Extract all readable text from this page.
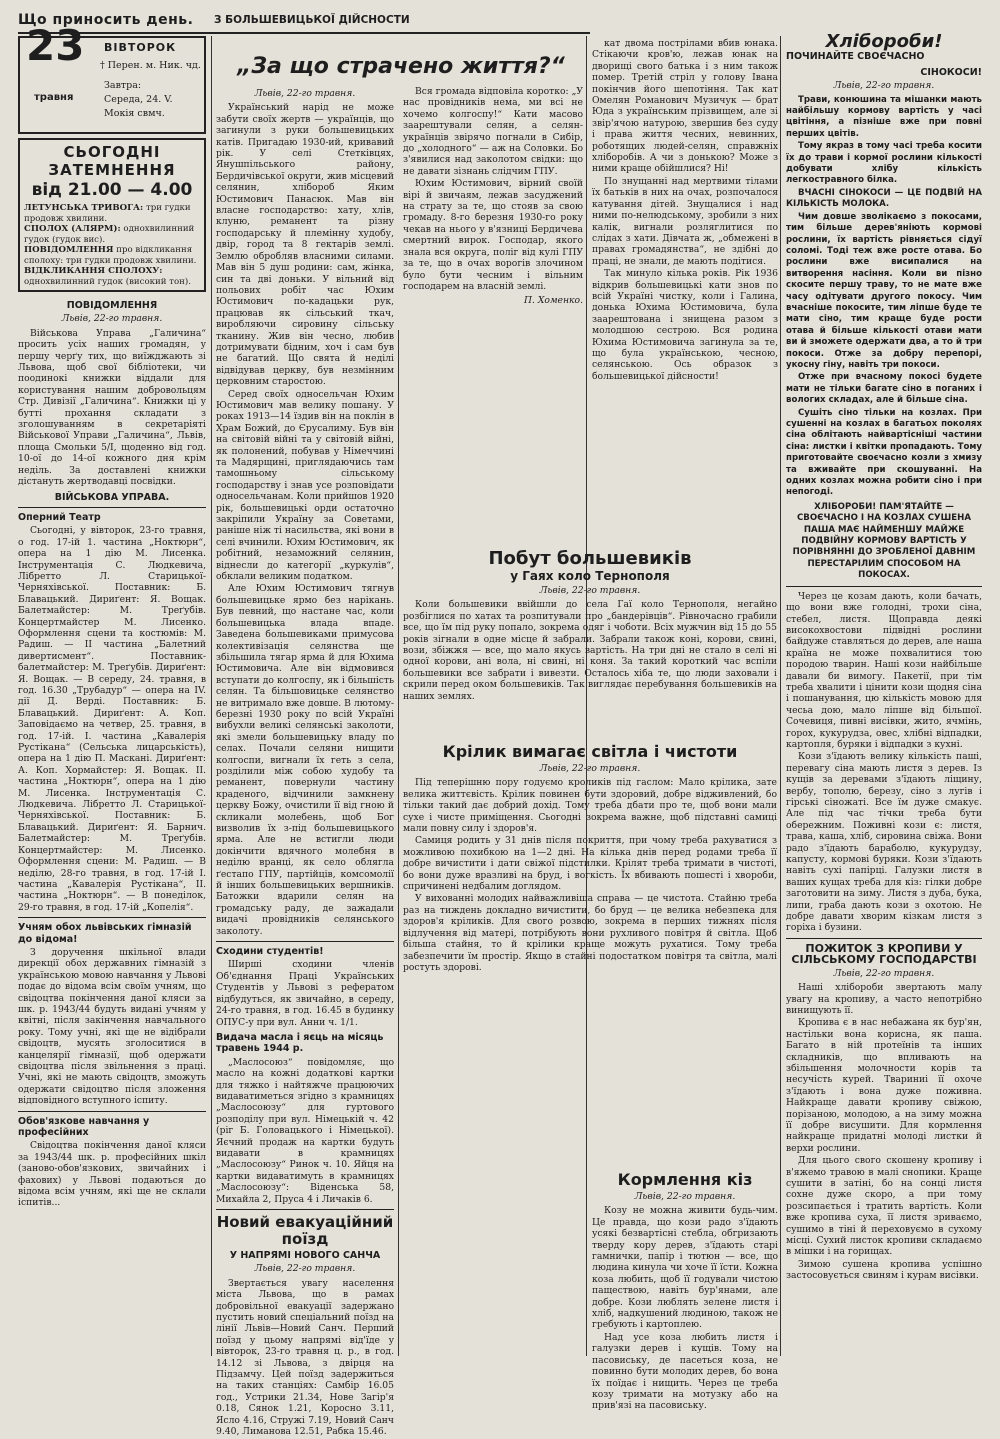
Що приносить день. З БОЛЬШЕВИЦЬКОЇ ДІЙСНОСТИ
23
травня
ВІВТОРОК
† Перен. м. Ник. чд.
Завтра:
Середа, 24. V.
Мокія свмч.
СЬОГОДНІ ЗАТЕМНЕННЯ
від 21.00 — 4.00
ЛЕТУНСЬКА ТРИВОГА: три гудки продовж хвилини.
СПОЛОХ (АЛЯРМ): однохвилинний гудок (гудок вис).
ПОВІДОМЛЕННЯ про відкликання сполоху: три гудки продовж хвилини.
ВІДКЛИКАННЯ СПОЛОХУ: однохвилинний гудок (високий тон).
ПОВІДОМЛЕННЯ
Львів, 22-го травня.

Військова Управа „Галичина“ просить усіх наших громадян, у першу черґу тих, що виїжджають зі Львова, щоб свої бібліотеки, чи поодинокі книжки віддали для користування нашим добровольцям Стр. Дивізії „Галичина“. Книжки ці у бутті прохання складати з зголошуванням в секретаріяті Військової Управи „Галичина“, Львів, площа Смольки 5/І, щоденно від год. 10-ої до 14-ої кожного дня крім неділь. За доставлені книжки дістануть жертводавці посвідки.

ВІЙСЬКОВА УПРАВА.
Оперний Театр

Сьогодні, у вівторок, 23-го травня, о год. 17-ій 1. частина „Ноктюрн“, опера на 1 дію М. Лисенка. Інструментація С. Людкевича, Лібретто Л. Старицької-Черняхівської. Поставник: Б. Блавацький. Дириґент: Я. Вощак. Балетмайстер: М. Треґубів. Концертмайстер М. Лисенко. Оформлення сцени та костюмів: М. Радиш. — II частина „Балетний дивертисмент“. Поставник-балетмайстер: М. Треґубів. Дириґент: Я. Вощак. — В середу, 24. травня, в год. 16.30 „Трубадур“ — опера на IV. дії Д. Верді. Поставник: Б. Блавацький. Дириґент: А. Коп. Заповідаємо на четвер, 25. травня, в год. 17-ій. I. частина „Кавалерія Рустікана“ (Сельська лицарськість), опера на 1 дію П. Маскані. Дириґент: А. Коп. Хормайстер: Я. Вощак. II. частина „Ноктюрн“, опера на 1 дію М. Лисенка. Інструментація С. Людкевича. Лібретто Л. Старицької-Черняхівської. Поставник: Б. Блавацький. Дириґент: Я. Барнич. Балетмайстер: М. Треґубів. Концертмайстер: М. Лисенко. Оформлення сцени: М. Радиш. — В неділю, 28-го травня, в год. 17-ій I. частина „Кавалерія Рустікана“, II. частина „Ноктюрн“. — В понеділок, 29-го травня, в год. 17-ій „Копелія“.

Учням обох львівських гімназій до відома!

З доручення шкільної влади дирекції обох державних гімназій з українською мовою навчання у Львові подає до відома всім своїм учням, що свідоцтва покінчення даної кляси за шк. р. 1943/44 будуть видані учням у квітні, після закінчення навчального року. Тому учні, які ще не відібрали свідоцтв, мусять зголоситися в канцелярії гімназії, щоб одержати свідоцтва після звільнення з праці. Учні, які не мають свідоцтв, зможуть одержати свідоцтво після зложення відповідного вступного іспиту.

Обов'язкове навчання у професійних

Свідоцтва покінчення даної кляси за 1943/44 шк. р. професійних шкіл (заново-обов'язкових, звичайних і фахових) у Львові подаються до відома всім учням, які ще не склали іспитів...

„За що страчено життя?“
Львів, 22-го травня.

Український нарід не може забути своїх жертв — українців, що загинули з руки большевицьких катів. Пригадаю 1930-ий, кривавий рік. У селі Стетківцях, Янушпільського району, Бердичівської округи, жив місцевий селянин, хлібороб Яким Юстимович Панасюк. Мав він власне господарство: хату, хлів, клуню, реманент та різну господарську й племінну худобу, двір, город та 8 гектарів землі. Землю обробляв власними силами. Мав він 5 душ родини: сам, жінка, син та дві доньки. У вільний від польових робіт час Юхим Юстимович по-кадацьки рук, працював як сільський ткач, виробляючи сировину сільську тканину. Жив він чесно, любив дотримувати бідним, хоч і сам був не багатий. Що свята й неділі відвідував церкву, був незмінним церковним старостою.

Серед своїх односельчан Юхим Юстимович мав велику пошану. У роках 1913—14 їздив він на поклін в Храм Божий, до Єрусалиму. Був він на світовій війні та у світовій війні, як полонений, побував у Німеччині та Мадярщині, приглядаючись там тамошньому сільському господарству і знав усе розповідати односельчанам. Коли прийшов 1920 рік, большевицькі орди остаточно закріпили Україну за Советами, раніше ніж ті насильства, які вони в селі вчинили. Юхим Юстимович, як робітний, незаможний селянин, віднесли до категорії „куркулів“, обклали великим податком.

Але Юхим Юстимович тягнув большевицьке ярмо без нарікань. Був певний, що настане час, коли большевицька влада впаде. Заведена большевиками примусова колективізація селянства ще збільшила тягар ярма й для Юхима Юстимовича. Але він відмовився вступати до колгоспу, як і більшість селян. Та більшовицьке селянство не витримало вже довше. В лютому-березні 1930 року по всій Україні вибухли великі селянські заколоти, які змели большевицьку владу по селах. Почали селяни нищити колгоспи, вигнали їх геть з села, розділили між собою худобу та реманент, повернули частину краденого, відчинили замкнену церкву Божу, очистили її від гною й скликали молебень, щоб Бог визволив їх з-під большевицького ярма. Але не встигли люди докінчити вдячного молебня в неділю вранці, як село облягла ґестапо ГПУ, партійців, комсомолії й інших большевицьких вершників. Батожки вдарили селян на громадську раду, де зажадали видачі провідників селянського заколоту.

Сходини студентів!

Ширші сходини членів Об'єднання Праці Українських Студентів у Львові з рефератом відбудуться, як звичайно, в середу, 24-го травня, в год. 16.45 в будинку ОПУС-у при вул. Анни ч. 1/1.

Видача масла і яєць на місяць травень 1944 р.

„Маслосоюз“ повідомляє, що масло на кожні додаткові картки для тяжко і найтяжче працюючих видаватиметься згідно з крамницях „Маслосоюзу“ для гуртового розподілу при вул. Німецькій ч. 42 (ріг Б. Головацького і Німецької). Яєчний продаж на картки будуть видавати в крамницях „Маслосоюзу“ Ринок ч. 10. Яйця на картки видаватимуть в крамницях „Маслосоюзу“: Віденська 58, Михайла 2, Пруса 4 і Личаків 6.

Новий евакуаційний поїзд
У НАПРЯМІ НОВОГО САНЧА
Львів, 22-го травня.

Звертається увагу населення міста Львова, що в рамах добровільної евакуації задержано пустить новий спеціальний поїзд на лінії Львів—Новий Санч. Перший поїзд у цьому напрямі від'їде у вівторок, 23-го травня ц. р., в год. 14.12 зі Львова, з двірця на Підзамчу. Цей поїзд задержиться на таких станціях: Самбір 16.05 год., Устрики 21.34, Нове Загір'я 0.18, Сянок 1.21, Коросно 3.11, Ясло 4.16, Стружі 7.19, Новий Санч 9.40, Лиманова 12.51, Рабка 15.46.

Вся громада відповіла коротко: „У нас провідників нема, ми всі не хочемо колгоспу!“ Кати масово заарештували селян, а селян-українців звірячо погнали в Сибір, до „холодного“ — аж на Соловки. Бо з'явилися над заколотом свідки: що не давати зізнань слідчим ГПУ.

Юхим Юстимович, вірний своїй вірі й звичаям, лежав засуджений на страту за те, що стояв за свою громаду. 8-го березня 1930-го року чекав на нього у в'язниці Бердичева смертний вирок. Господар, якого знала вся округа, поліг від кулі ГПУ за те, що в очах ворогів злочином було бути чесним і вільним господарем на власній землі.

П. Хоменко.

кат двома пострілами вбив юнака. Стікаючи кров'ю, лежав юнак на дворищі свого батька і з ним також помер. Третій стріл у голову Івана покінчив його шепотіння. Так кат Омелян Романович Музичук — брат Юда з українським прізвищем, але зі звір'ячою натурою, звершив без суду і права життя чесних, невинних, роботящих людей-селян, справжніх хліборобів. А чи з донькою? Може з ними краще обійшлися? Ні!

По знущанні над мертвими тілами їх батьків в них на очах, розпочалося катування дітей. Знущалися і над ними по-нелюдському, зробили з них калік, вигнали розляглитися по слідах з хати. Дівчата ж, „обмежені в правах громадянства“, не здібні до праці, не знали, де мають подітися.

Так минуло кілька років. Рік 1936 відкрив большевицькі кати знов по всій Україні чистку, коли і Галина, донька Юхима Юстимовича, була заарештована і знищена разом з молодшою сестрою. Вся родина Юхима Юстимовича загинула за те, що була українською, чесною, селянською. Ось образок з большевицької дійсности!

Побут большевиків
у Гаях коло Тернополя
Львів, 22-го травня.

Коли большевики ввійшли до села Гаї коло Тернополя, негайно розбіглися по хатах та розпитували про „бандерівців“. Рівночасно грабили все, що їм під руку попало, зокрема одяг і чоботи. Всіх мужчин від 15 до 55 років зігнали в одне місце й забрали. Забрали також коні, корови, свині, вози, збіжжя — все, що мало якусь вартість. На три дні не стало в селі ні одної корови, ані вола, ні свині, ні коня. За такий короткий час вспіли большевики все забрати і вивезти. Осталось хіба те, що люди заховали і скрили перед оком большевиків. Так виглядає перебування большевиків на наших землях.

Крілик вимагає світла і чистоти
Львів, 22-го травня.

Під теперішню пору годуємо кроликів під гаслом: Мало крілика, зате велика життєвість. Крілик повинен бути здоровий, добре відживлений, бо тільки такий дає добрий дохід. Тому треба дбати про те, щоб вони мали сухе і чисте приміщення. Сьогодні зокрема важне, щоб підставні самиці мали повну силу і здоров'я.

Самиця родить у 31 днів після покриття, при чому треба рахуватися з можливою похибкою на 1—2 дні. На кілька днів перед родами треба її добре вичистити і дати свіжої підстилки. Крілят треба тримати в чистоті, бо вони дуже вразливі на бруд, і вогкість. Їх вбивають пошесті і хвороби, спричинені недбалим доглядом.

У вихованні молодих найважливіша справа — це чистота. Стайню треба раз на тиждень докладно вичистити, бо бруд — це велика небезпека для здоров'я кріликів. Для свого розвою, зокрема в перших тижнях після відлучення від матері, потрібують вони рухливого повітря й світла. Щоб більша стайня, то й крілики краще можуть рухатися. Тому треба забезпечити їм простір. Якщо в стайні подостатком повітря та світла, малі ростуть здорові.

Кормлення кіз
Львів, 22-го травня.

Козу не можна живити будь-чим. Це правда, що кози радо з'їдають усякі безвартісні стебла, обгризають тверду кору дерев, з'їдають старі гамнички, папір і тютюн — все, що людина кинула чи хоче її їсти. Кожна коза любить, щоб її годували чистою паществою, навіть бур'янами, але добре. Кози люблять зелене листя і хліб, надкушений людиною, також не гребують і картоплею.

Над усе коза любить листя і галузки дерев і кущів. Тому на пасовиську, де пасеться коза, не повинно бути молодих дерев, бо вона їх поїдає і нищить. Через це треба козу тримати на мотузку або на прив'язі на пасовиську.

Хлібороби!
ПОЧИНАЙТЕ СВОЄЧАСНО
СІНОКОСИ!
Львів, 22-го травня.

Трави, конюшина та мішанки мають найбільшу кормову вартість у часі цвітіння, а пізніше вже при повні перших цвітів.

Тому якраз в тому часі треба косити їх до трави і кормої рослини кількості добувати хлібу кількість легкостравного білка.

ВЧАСНІ СІНОКОСИ — ЦЕ ПОДВІЙ НА КІЛЬКІСТЬ МОЛОКА.

Чим довше зволікаємо з покосами, тим більше дерев'яніють кормові рослини, їх вартість рівняється сідуї соломі. Тоді теж вже росте отава. Бо рослини вже висипалися на витворення насіння. Коли ви пізно скосите першу траву, то не мате вже часу одітувати другого покосу. Чим вчасніше покосите, тим ліпше буде те мати сіно, тим краще буде рости отава й більше кількості отави мати ви й зможете одержати два, а то й три покоси. Отже за добру перепорі, укосну гіну, навіть три покоси.

Отже при вчасному покосі будете мати не тільки багате сіно в поганих і вологих складах, але й більше сіна.

Сушіть сіно тільки на козлах. При сушенні на козлах в багатьох поколях сіна облітають найвартісніші частини сіна: листки і квітки пропадають. Тому приготовайте своєчасно козли з хмизу та вживайте при скошуванні. На одних козлах можна робити сіно і при непогоді.

ХЛІБОРОБИ! ПАМ'ЯТАЙТЕ — СВОЄЧАСНО І НА КОЗЛАХ СУШЕНА ПАША МАЄ НАЙМЕНШУ МАЙЖЕ ПОДВІЙНУ КОРМОВУ ВАРТІСТЬ У ПОРІВНЯННІ ДО ЗРОБЛЕНОЇ ДАВНІМ ПЕРЕСТАРІЛИМ СПОСОБОМ НА ПОКОСАХ.

Через це козам дають, коли бачать, що вони вже голодні, трохи сіна, стебел, листя. Щоправда деякі високохвостови підвідні рослини байдуже ставляться до дерев, але наша країна не може похвалитися тою породою тварин. Наші кози найбільше давали би вимогу. Пакетії, при тім треба хвалити і цінити кози щодня сіна і пошанування, цю кількість мовою для чесьа дою, мало ліпше від більшої. Сочевиця, пивні висівки, жито, ячмінь, горох, кукурудза, овес, хлібні відпадки, картопля, буряки і відпадки з кухні.

Кози з'їдають велику кількість паші, перевагу сіна мають листя з дерев. Із кущів за деревами з'їдають ліщину, вербу, тополю, березу, сіно з лугів і гірські сіножаті. Все їм дуже смакує. Але під час тічки треба бути обережним. Поживні кози є: листя, трава, каша, хліб, сировина свіжа. Вони радо з'їдають бараболю, кукурудзу, капусту, кормові буряки. Кози з'їдають навіть сухі папірці. Галузки листя в ваших кущах треба для кіз: гілки добре заготовити на зиму. Листя з дуба, бука, липи, граба дають кози з охотою. Не добре давати хворим кізкам листя з горіха і бузини.

ПОЖИТОК З КРОПИВИ У СІЛЬСЬКОМУ ГОСПОДАРСТВІ
Львів, 22-го травня.

Наші хлібороби звертають малу увагу на кропиву, а часто непотрібно винищують її.

Кропива є в нас небажана як бур'ян, настільки вона корисна, як паша. Багато в ній протеїнів та інших складників, що впливають на збільшення молочности корів та несучість курей. Твариниі її охоче з'їдають і вона дуже поживна. Найкраще давати кропиву свіжою, порізаною, молодою, а на зиму можна її добре висушити. Для кормлення найкраще придатні молоді листки й верхи рослини.

Для цього свого скошену кропиву і в'яжемо травою в малі снопики. Краще сушити в затіні, бо на сонці листя сохне дуже скоро, а при тому розсипається і тратить вартість. Коли вже кропива суха, її листя зриваємо, сушимо в тіні й переховуємо в сухому місці. Сухий листок кропиви складаємо в мішки і на горищах.

Зимою сушена кропива успішно застосовується свиням і курам висівки.
